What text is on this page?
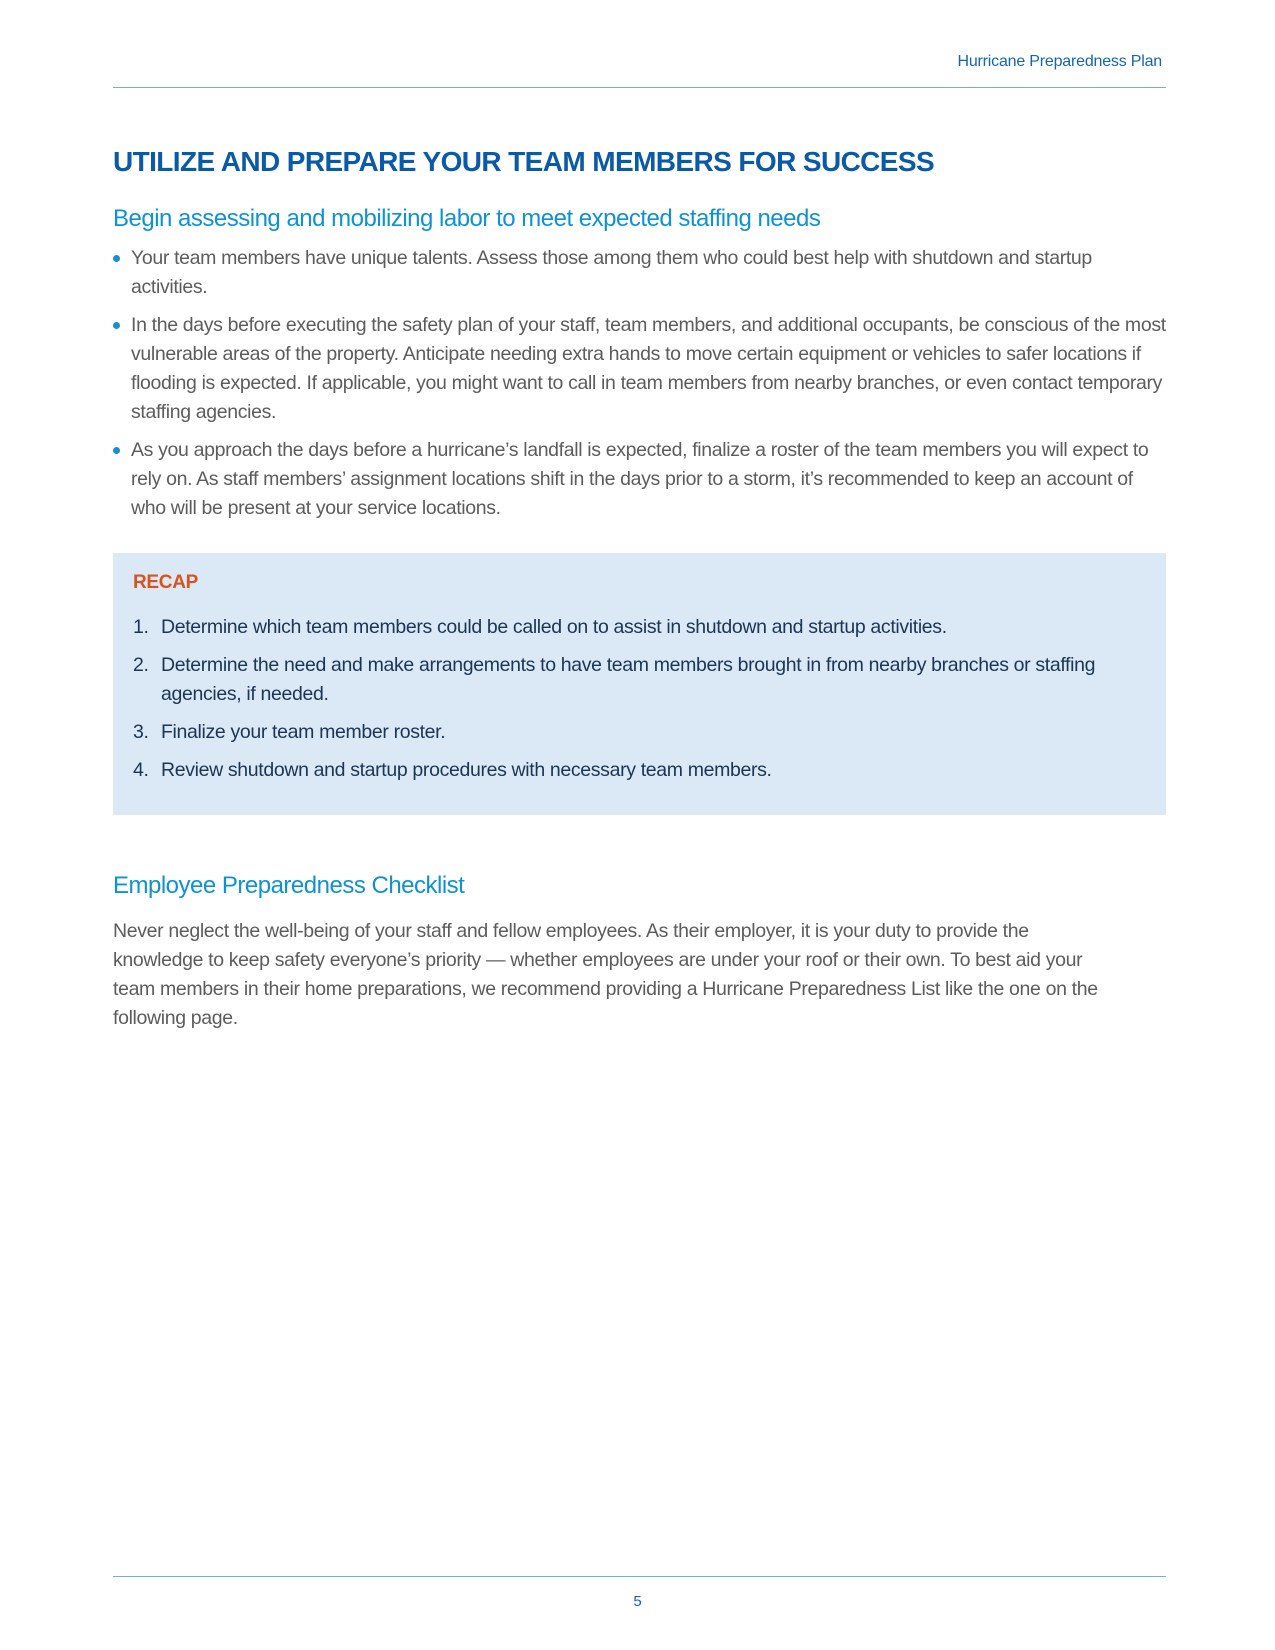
Hurricane Preparedness Plan
UTILIZE AND PREPARE YOUR TEAM MEMBERS FOR SUCCESS
Begin assessing and mobilizing labor to meet expected staffing needs
Your team members have unique talents. Assess those among them who could best help with shutdown and startup activities.
In the days before executing the safety plan of your staff, team members, and additional occupants, be conscious of the most vulnerable areas of the property. Anticipate needing extra hands to move certain equipment or vehicles to safer locations if flooding is expected. If applicable, you might want to call in team members from nearby branches, or even contact temporary staffing agencies.
As you approach the days before a hurricane’s landfall is expected, finalize a roster of the team members you will expect to rely on. As staff members’ assignment locations shift in the days prior to a storm, it’s recommended to keep an account of who will be present at your service locations.
RECAP
1. Determine which team members could be called on to assist in shutdown and startup activities.
2. Determine the need and make arrangements to have team members brought in from nearby branches or staffing agencies, if needed.
3. Finalize your team member roster.
4. Review shutdown and startup procedures with necessary team members.
Employee Preparedness Checklist

Never neglect the well-being of your staff and fellow employees. As their employer, it is your duty to provide the knowledge to keep safety everyone’s priority — whether employees are under your roof or their own. To best aid your team members in their home preparations, we recommend providing a Hurricane Preparedness List like the one on the following page.

5
